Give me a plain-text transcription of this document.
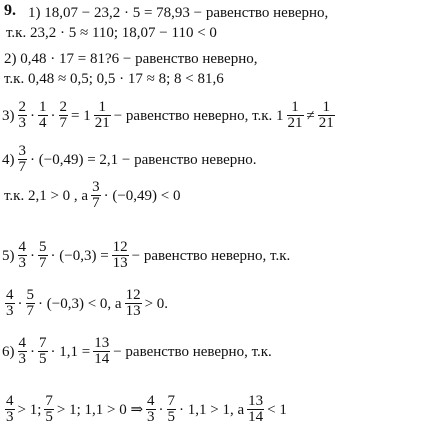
9. 1) 18,07 − 23,2 · 5 = 78,93 − равенство неверно,
т.к. 23,2 · 5 ≈ 110; 18,07 − 110 < 0
2) 0,48 · 17 = 81?6 − равенство неверно,
т.к. 0,48 ≈ 0,5; 0,5 · 17 ≈ 8; 8 < 81,6
$3) \frac{2}{3} \cdot \frac{1}{4} \cdot \frac{2}{7} = 1 \frac{1}{21}$ − равенство неверно, т.к. $1 \frac{1}{21} \ne \frac{1}{21}$
$4) \frac{3}{7} \cdot (-0,49) = 2,1$ − равенство неверно.
т.к. 2,1 > 0 , а $\frac{3}{7} \cdot (-0,49) < 0$
$5) \frac{4}{3} \cdot \frac{5}{7} \cdot (-0,3) = \frac{12}{13}$ − равенство неверно, т.к.
$\frac{4}{3} \cdot \frac{5}{7} \cdot (-0,3) < 0$, а $\frac{12}{13} > 0$.
$6) \frac{4}{3} \cdot \frac{7}{5} \cdot 1,1 = \frac{13}{14}$ − равенство неверно, т.к.
$\frac{4}{3} > 1$; $\frac{7}{5} > 1$; 1,1 > 0 ⇒ $\frac{4}{3} \cdot \frac{7}{5} \cdot 1,1 > 1$, а $\frac{13}{14} < 1$
